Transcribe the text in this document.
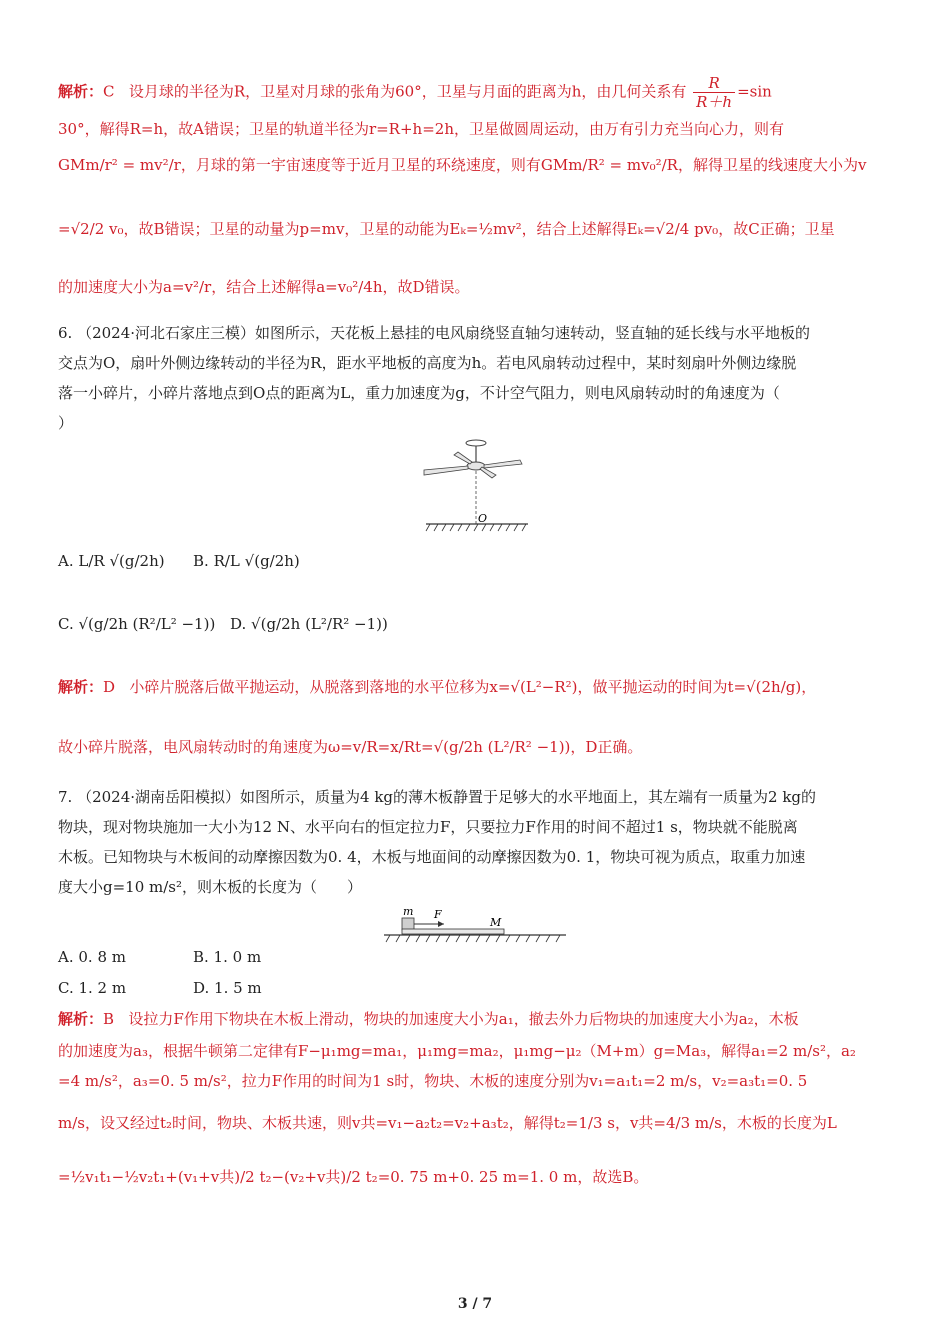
解析：C 设月球的半径为R，卫星对月球的张角为60°，卫星与月面的距离为h，由几何关系有 $\frac{R}{R+h} =\sin$
30°，解得R=h，故A错误；卫星的轨道半径为r=R+h=2h，卫星做圆周运动，由万有引力充当向心力，则有
GMm/r² = mv²/r，月球的第一宇宙速度等于近月卫星的环绕速度，则有GMm/R² = mv₀²/R，解得卫星的线速度大小为v
=√2/2 v₀，故B错误；卫星的动量为p=mv，卫星的动能为Eₖ=½mv²，结合上述解得Eₖ=√2/4 pv₀，故C正确；卫星
的加速度大小为a=v²/r，结合上述解得a=v₀²/4h，故D错误。
6. （2024·河北石家庄三模）如图所示，天花板上悬挂的电风扇绕竖直轴匀速转动，竖直轴的延长线与水平地板的
交点为O，扇叶外侧边缘转动的半径为R，距水平地板的高度为h。若电风扇转动过程中，某时刻扇叶外侧边缘脱
落一小碎片，小碎片落地点到O点的距离为L，重力加速度为g，不计空气阻力，则电风扇转动时的角速度为（
）
O
A. L/R √(g/2h) B. R/L √(g/2h)
C. √(g/2h (R²/L² −1)) D. √(g/2h (L²/R² −1))
解析：D 小碎片脱落后做平抛运动，从脱落到落地的水平位移为x=√(L²−R²)，做平抛运动的时间为t=√(2h/g)，
故小碎片脱落，电风扇转动时的角速度为ω=v/R=x/Rt=√(g/2h (L²/R² −1))，D正确。
7. （2024·湖南岳阳模拟）如图所示，质量为4 kg的薄木板静置于足够大的水平地面上，其左端有一质量为2 kg的
物块，现对物块施加一大小为12 N、水平向右的恒定拉力F，只要拉力F作用的时间不超过1 s，物块就不能脱离
木板。已知物块与木板间的动摩擦因数为0. 4，木板与地面间的动摩擦因数为0. 1，物块可视为质点，取重力加速
度大小g=10 m/s²，则木板的长度为（　　）
m F
M
A. 0. 8 m	B. 1. 0 m
C. 1. 2 m	D. 1. 5 m
解析：B 设拉力F作用下物块在木板上滑动，物块的加速度大小为a₁，撤去外力后物块的加速度大小为a₂，木板
的加速度为a₃，根据牛顿第二定律有F−μ₁mg=ma₁，μ₁mg=ma₂，μ₁mg−μ₂（M+m）g=Ma₃，解得a₁=2 m/s²，a₂
=4 m/s²，a₃=0. 5 m/s²，拉力F作用的时间为1 s时，物块、木板的速度分别为v₁=a₁t₁=2 m/s，v₂=a₃t₁=0. 5
m/s，设又经过t₂时间，物块、木板共速，则v共=v₁−a₂t₂=v₂+a₃t₂，解得t₂=1/3 s，v共=4/3 m/s，木板的长度为L
=½v₁t₁−½v₂t₁+(v₁+v共)/2 t₂−(v₂+v共)/2 t₂=0. 75 m+0. 25 m=1. 0 m，故选B。
3 / 7
